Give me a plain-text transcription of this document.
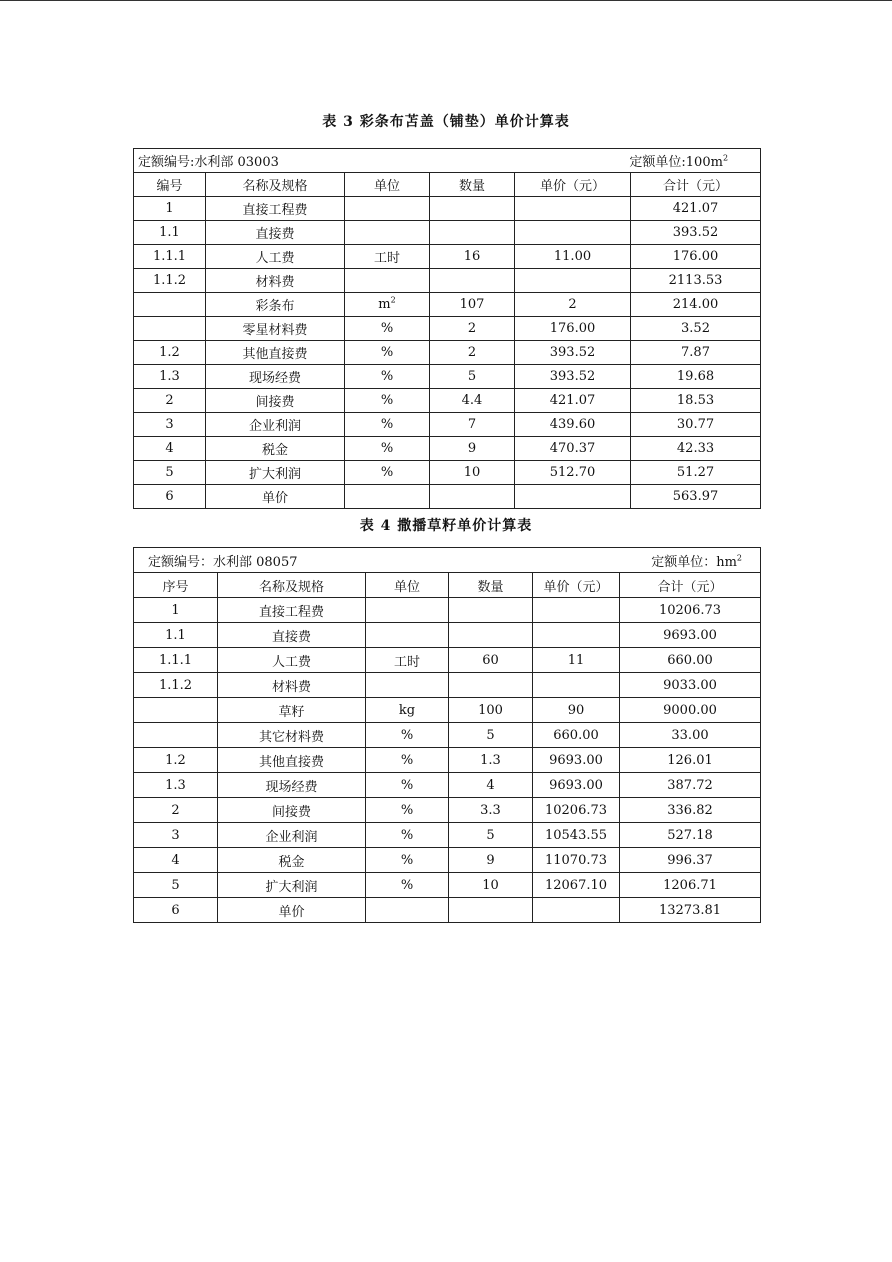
表 3 彩条布苫盖（铺垫）单价计算表
定额编号:水利部 03003 定额单位$:100m^2$

编号	名称及规格	单位	数量	单价（元）	合计（元）
1	直接工程费				421.07
1.1	直接费				393.52
1.1.1	人工费	工时	16	11.00	176.00
1.1.2	材料费				2113.53
	彩条布	$m^2$	107	2	214.00
	零星材料费	%	2	176.00	3.52
1.2	其他直接费	%	2	393.52	7.87
1.3	现场经费	%	5	393.52	19.68
2	间接费	%	4.4	421.07	18.53
3	企业利润	%	7	439.60	30.77
4	税金	%	9	470.37	42.33
5	扩大利润	%	10	512.70	51.27
6	单价				563.97
表 4 撒播草籽单价计算表
定额编号：水利部 08057 定额单位：$hm^2$

序号	名称及规格	单位	数量	单价（元）	合计（元）
1	直接工程费				10206.73
1.1	直接费				9693.00
1.1.1	人工费	工时	60	11	660.00
1.1.2	材料费				9033.00
	草籽	kg	100	90	9000.00
	其它材料费	%	5	660.00	33.00
1.2	其他直接费	%	1.3	9693.00	126.01
1.3	现场经费	%	4	9693.00	387.72
2	间接费	%	3.3	10206.73	336.82
3	企业利润	%	5	10543.55	527.18
4	税金	%	9	11070.73	996.37
5	扩大利润	%	10	12067.10	1206.71
6	单价				13273.81
